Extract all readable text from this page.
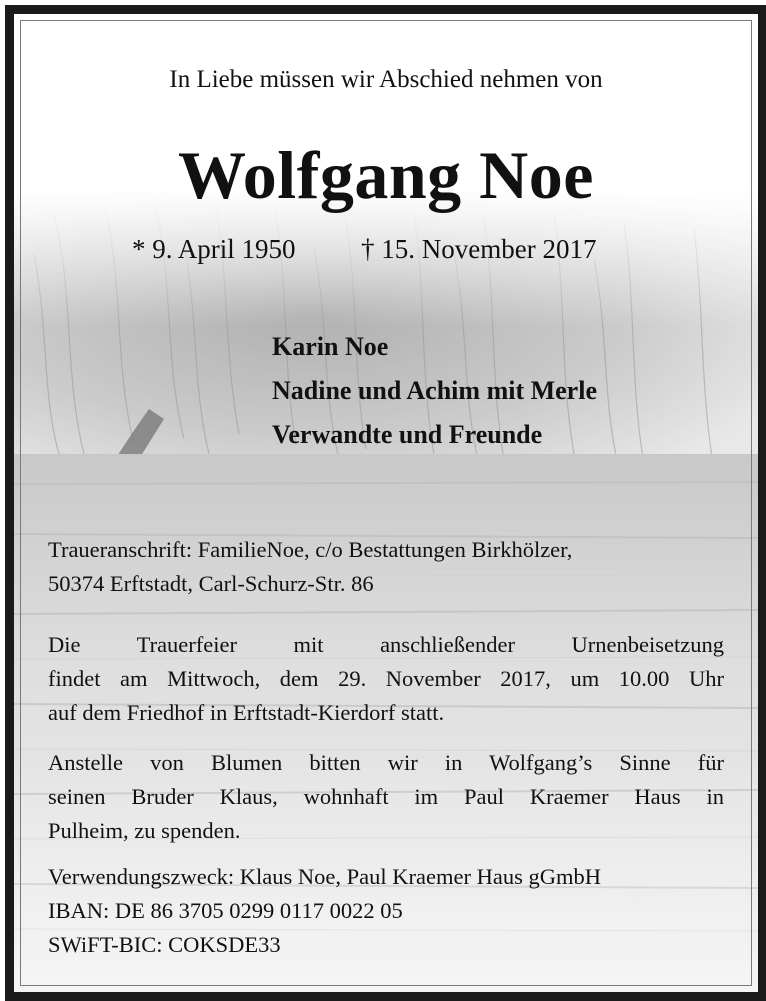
In Liebe müssen wir Abschied nehmen von
Wolfgang Noe
* 9. April 1950 † 15. November 2017
Karin Noe
Nadine und Achim mit Merle
Verwandte und Freunde
Traueranschrift: FamilieNoe, c/o Bestattungen Birkhölzer,
50374 Erftstadt, Carl-Schurz-Str. 86
Die Trauerfeier mit anschließender Urnenbeisetzung
findet am Mittwoch, dem 29. November 2017, um 10.00 Uhr
auf dem Friedhof in Erftstadt-Kierdorf statt.
Anstelle von Blumen bitten wir in Wolfgang’s Sinne für
seinen Bruder Klaus, wohnhaft im Paul Kraemer Haus in
Pulheim, zu spenden.
Verwendungszweck: Klaus Noe, Paul Kraemer Haus gGmbH
IBAN: DE 86 3705 0299 0117 0022 05
SWiFT-BIC: COKSDE33
